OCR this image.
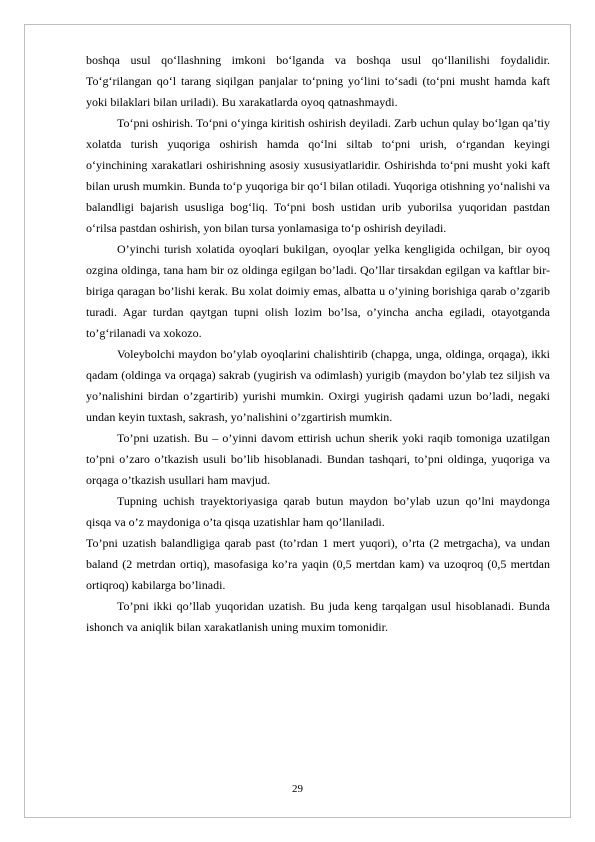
boshqa usul qo‘llashning imkoni bo‘lganda va boshqa usul qo‘llanilishi foydalidir. To‘g‘rilangan qo‘l tarang siqilgan panjalar to‘pning yo‘lini to‘sadi (to‘pni musht hamda kaft yoki bilaklari bilan uriladi). Bu xarakatlarda oyoq qatnashmaydi.

To‘pni oshirish. To‘pni o‘yinga kiritish oshirish deyiladi. Zarb uchun qulay bo‘lgan qa’tiy xolatda turish yuqoriga oshirish hamda qo‘lni siltab to‘pni urish, o‘rgandan keyingi o‘yinchining xarakatlari oshirishning asosiy xususiyatlaridir. Oshirishda to‘pni musht yoki kaft bilan urush mumkin. Bunda to‘p yuqoriga bir qo‘l bilan otiladi. Yuqoriga otishning yo‘nalishi va balandligi bajarish ususliga bog‘liq. To‘pni bosh ustidan urib yuborilsa yuqoridan pastdan o‘rilsa pastdan oshirish, yon bilan tursa yonlamasiga to‘p oshirish deyiladi.

O’yinchi turish xolatida oyoqlari bukilgan, oyoqlar yelka kengligida ochilgan, bir oyoq ozgina oldinga, tana ham bir oz oldinga egilgan bo’ladi. Qo’llar tirsakdan egilgan va kaftlar bir-biriga qaragan bo’lishi kerak. Bu xolat doimiy emas, albatta u o’yining borishiga qarab o’zgarib turadi. Agar turdan qaytgan tupni olish lozim bo’lsa, o’yincha ancha egiladi, otayotganda to’g‘rilanadi va xokozo.

Voleybolchi maydon bo’ylab oyoqlarini chalishtirib (chapga, unga, oldinga, orqaga), ikki qadam (oldinga va orqaga) sakrab (yugirish va odimlash) yurigib (maydon bo’ylab tez siljish va yo’nalishini birdan o’zgartirib) yurishi mumkin. Oxirgi yugirish qadami uzun bo’ladi, negaki undan keyin tuxtash, sakrash, yo’nalishini o’zgartirish mumkin.

To’pni uzatish. Bu – o’yinni davom ettirish uchun sherik yoki raqib tomoniga uzatilgan to’pni o’zaro o’tkazish usuli bo’lib hisoblanadi. Bundan tashqari, to’pni oldinga, yuqoriga va orqaga o’tkazish usullari ham mavjud.

Tupning uchish trayektoriyasiga qarab butun maydon bo’ylab uzun qo’lni maydonga qisqa va o’z maydoniga o’ta qisqa uzatishlar ham qo’llaniladi.

To’pni uzatish balandligiga qarab past (to’rdan 1 mert yuqori), o’rta (2 metrgacha), va undan baland (2 metrdan ortiq), masofasiga ko’ra yaqin (0,5 mertdan kam) va uzoqroq (0,5 mertdan ortiqroq) kabilarga bo’linadi.

To’pni ikki qo’llab yuqoridan uzatish. Bu juda keng tarqalgan usul hisoblanadi. Bunda ishonch va aniqlik bilan xarakatlanish uning muxim tomonidir.

29
